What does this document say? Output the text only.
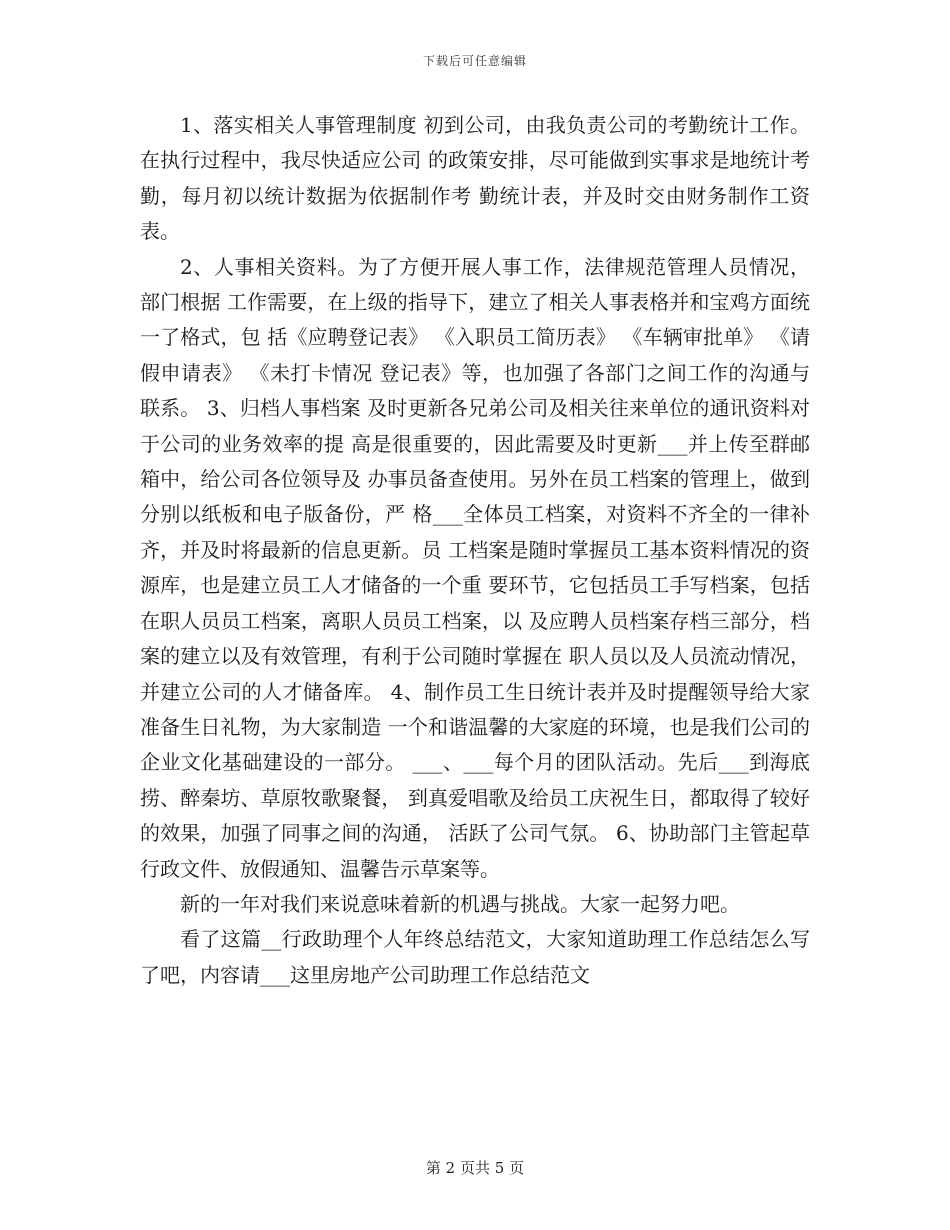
下载后可任意编辑

1、落实相关人事管理制度 初到公司，由我负责公司的考勤统计工作。在执行过程中，我尽快适应公司 的政策安排，尽可能做到实事求是地统计考勤，每月初以统计数据为依据制作考 勤统计表，并及时交由财务制作工资表。

2、人事相关资料。为了方便开展人事工作，法律规范管理人员情况，部门根据 工作需要，在上级的指导下，建立了相关人事表格并和宝鸡方面统一了格式，包 括《应聘登记表》 《入职员工简历表》 《车辆审批单》 《请假申请表》 《未打卡情况 登记表》等，也加强了各部门之间工作的沟通与联系。 3、归档人事档案 及时更新各兄弟公司及相关往来单位的通讯资料对于公司的业务效率的提 高是很重要的，因此需要及时更新___并上传至群邮箱中，给公司各位领导及 办事员备查使用。另外在员工档案的管理上，做到分别以纸板和电子版备份，严 格___全体员工档案，对资料不齐全的一律补齐，并及时将最新的信息更新。员 工档案是随时掌握员工基本资料情况的资源库，也是建立员工人才储备的一个重 要环节，它包括员工手写档案，包括在职人员员工档案，离职人员员工档案，以 及应聘人员档案存档三部分，档案的建立以及有效管理，有利于公司随时掌握在 职人员以及人员流动情况，并建立公司的人才储备库。 4、制作员工生日统计表并及时提醒领导给大家准备生日礼物，为大家制造 一个和谐温馨的大家庭的环境，也是我们公司的企业文化基础建设的一部分。 ___、___每个月的团队活动。先后___到海底捞、醉秦坊、草原牧歌聚餐， 到真爱唱歌及给员工庆祝生日，都取得了较好的效果，加强了同事之间的沟通， 活跃了公司气氛。 6、协助部门主管起草行政文件、放假通知、温馨告示草案等。

新的一年对我们来说意味着新的机遇与挑战。大家一起努力吧。

看了这篇__行政助理个人年终总结范文，大家知道助理工作总结怎么写了吧，内容请___这里房地产公司助理工作总结范文

第 2 页共 5 页
